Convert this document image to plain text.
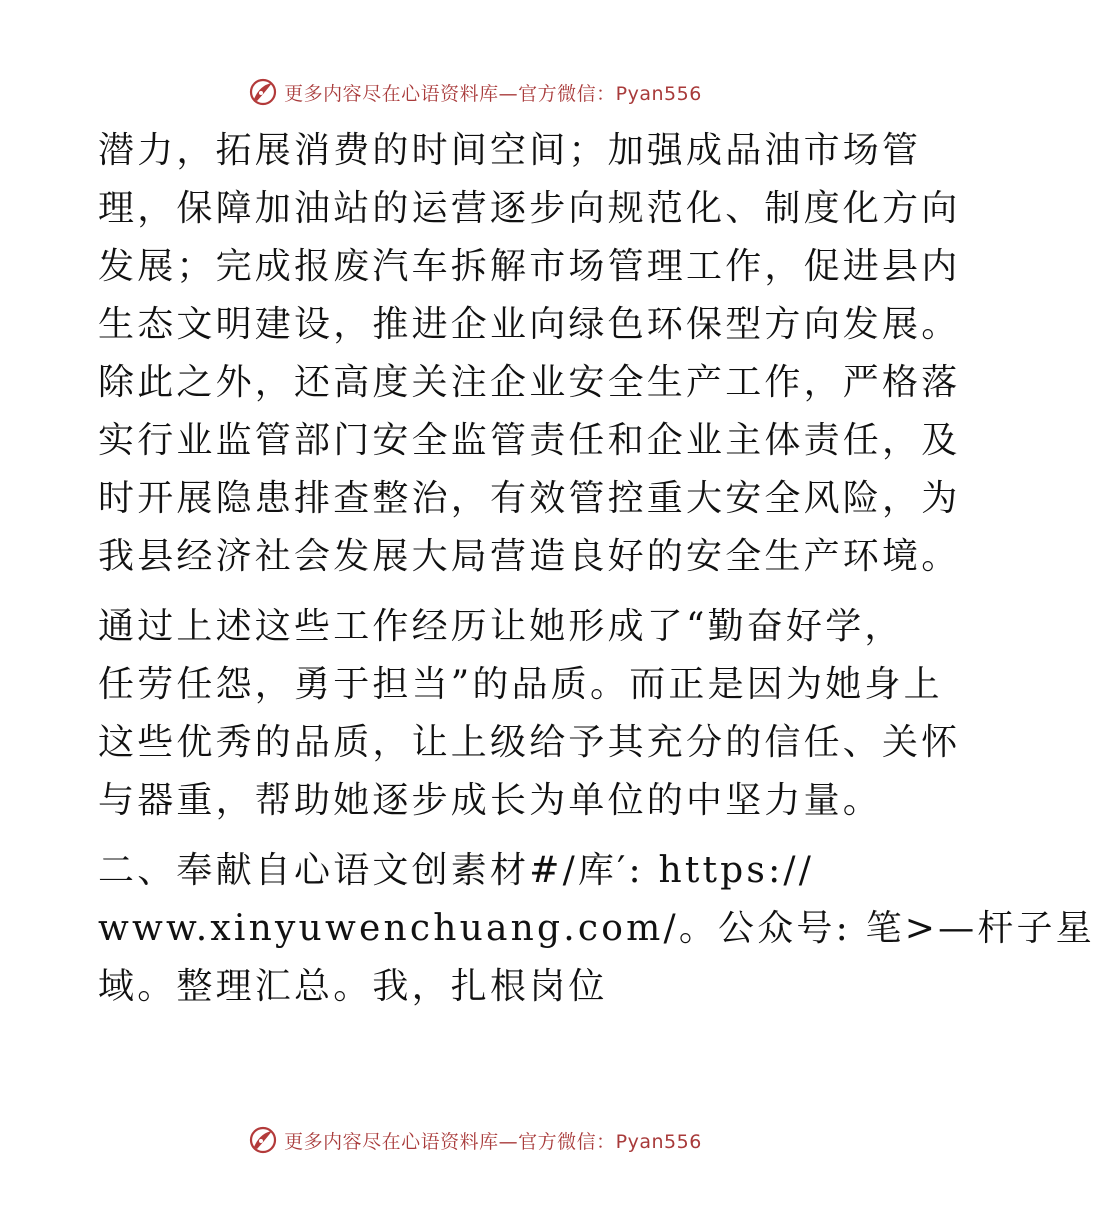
更多内容尽在心语资料库—官方微信：Pyan556
潜力，拓展消费的时间空间；加强成品油市场管
理，保障加油站的运营逐步向规范化、制度化方向
发展；完成报废汽车拆解市场管理工作，促进县内
生态文明建设，推进企业向绿色环保型方向发展。
除此之外，还高度关注企业安全生产工作，严格落
实行业监管部门安全监管责任和企业主体责任，及
时开展隐患排查整治，有效管控重大安全风险，为
我县经济社会发展大局营造良好的安全生产环境。
通过上述这些工作经历让她形成了“勤奋好学，
任劳任怨，勇于担当”的品质。而正是因为她身上
这些优秀的品质，让上级给予其充分的信任、关怀
与器重，帮助她逐步成长为单位的中坚力量。
二、奉献自心语文创素材#/库′: https://
www.xinyuwenchuang.com/。公众号: 笔>—杆子星
域。整理汇总。我，扎根岗位
更多内容尽在心语资料库—官方微信：Pyan556
